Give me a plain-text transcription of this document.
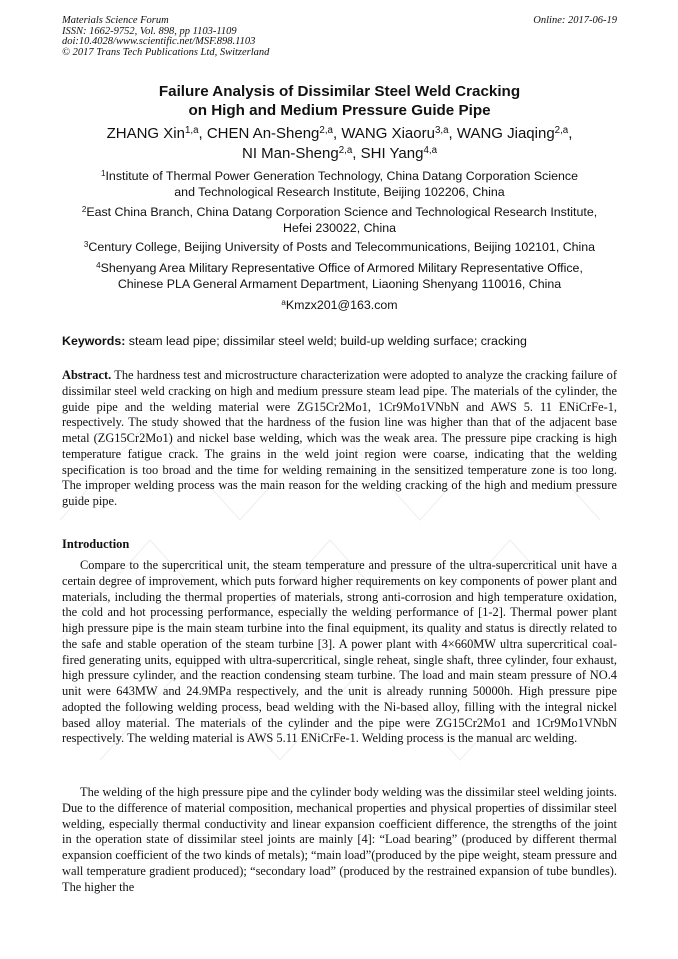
Materials Science Forum
ISSN: 1662-9752, Vol. 898, pp 1103-1109
doi:10.4028/www.scientific.net/MSF.898.1103
© 2017 Trans Tech Publications Ltd, Switzerland
Online: 2017-06-19
Failure Analysis of Dissimilar Steel Weld Cracking
on High and Medium Pressure Guide Pipe
ZHANG Xin$^{1,a}$, CHEN An-Sheng$^{2,a}$, WANG Xiaoru$^{3,a}$, WANG Jiaqing$^{2,a}$,
NI Man-Sheng$^{2,a}$, SHI Yang$^{4,a}$
$^1$Institute of Thermal Power Generation Technology, China Datang Corporation Science
and Technological Research Institute, Beijing 102206, China
$^2$East China Branch, China Datang Corporation Science and Technological Research Institute,
Hefei 230022, China
$^3$Century College, Beijing University of Posts and Telecommunications, Beijing 102101, China
$^4$Shenyang Area Military Representative Office of Armored Military Representative Office,
Chinese PLA General Armament Department, Liaoning Shenyang 110016, China
$^a$Kmzx201@163.com
Keywords: steam lead pipe; dissimilar steel weld; build-up welding surface; cracking
Abstract. The hardness test and microstructure characterization were adopted to analyze the cracking failure of dissimilar steel weld cracking on high and medium pressure steam lead pipe. The materials of the cylinder, the guide pipe and the welding material were ZG15Cr2Mo1, 1Cr9Mo1VNbN and AWS 5. 11 ENiCrFe-1, respectively. The study showed that the hardness of the fusion line was higher than that of the adjacent base metal (ZG15Cr2Mo1) and nickel base welding, which was the weak area. The pressure pipe cracking is high temperature fatigue crack. The grains in the weld joint region were coarse, indicating that the welding specification is too broad and the time for welding remaining in the sensitized temperature zone is too long. The improper welding process was the main reason for the welding cracking of the high and medium pressure guide pipe.
Introduction
Compare to the supercritical unit, the steam temperature and pressure of the ultra-supercritical unit have a certain degree of improvement, which puts forward higher requirements on key components of power plant and materials, including the thermal properties of materials, strong anti-corrosion and high temperature oxidation, the cold and hot processing performance, especially the welding performance of [1-2]. Thermal power plant high pressure pipe is the main steam turbine into the final equipment, its quality and status is directly related to the safe and stable operation of the steam turbine [3]. A power plant with 4×660MW ultra supercritical coal-fired generating units, equipped with ultra-supercritical, single reheat, single shaft, three cylinder, four exhaust, high pressure cylinder, and the reaction condensing steam turbine. The load and main steam pressure of NO.4 unit were 643MW and 24.9MPa respectively, and the unit is already running 50000h. High pressure pipe adopted the following welding process, bead welding with the Ni-based alloy, filling with the integral nickel based alloy material. The materials of the cylinder and the pipe were ZG15Cr2Mo1 and 1Cr9Mo1VNbN respectively. The welding material is AWS 5.11 ENiCrFe-1. Welding process is the manual arc welding.
The welding of the high pressure pipe and the cylinder body welding was the dissimilar steel welding joints. Due to the difference of material composition, mechanical properties and physical properties of dissimilar steel welding, especially thermal conductivity and linear expansion coefficient difference, the strengths of the joint in the operation state of dissimilar steel joints are mainly [4]: “Load bearing” (produced by different thermal expansion coefficient of the two kinds of metals); “main load”(produced by the pipe weight, steam pressure and wall temperature gradient produced); “secondary load” (produced by the restrained expansion of tube bundles). The higher the
